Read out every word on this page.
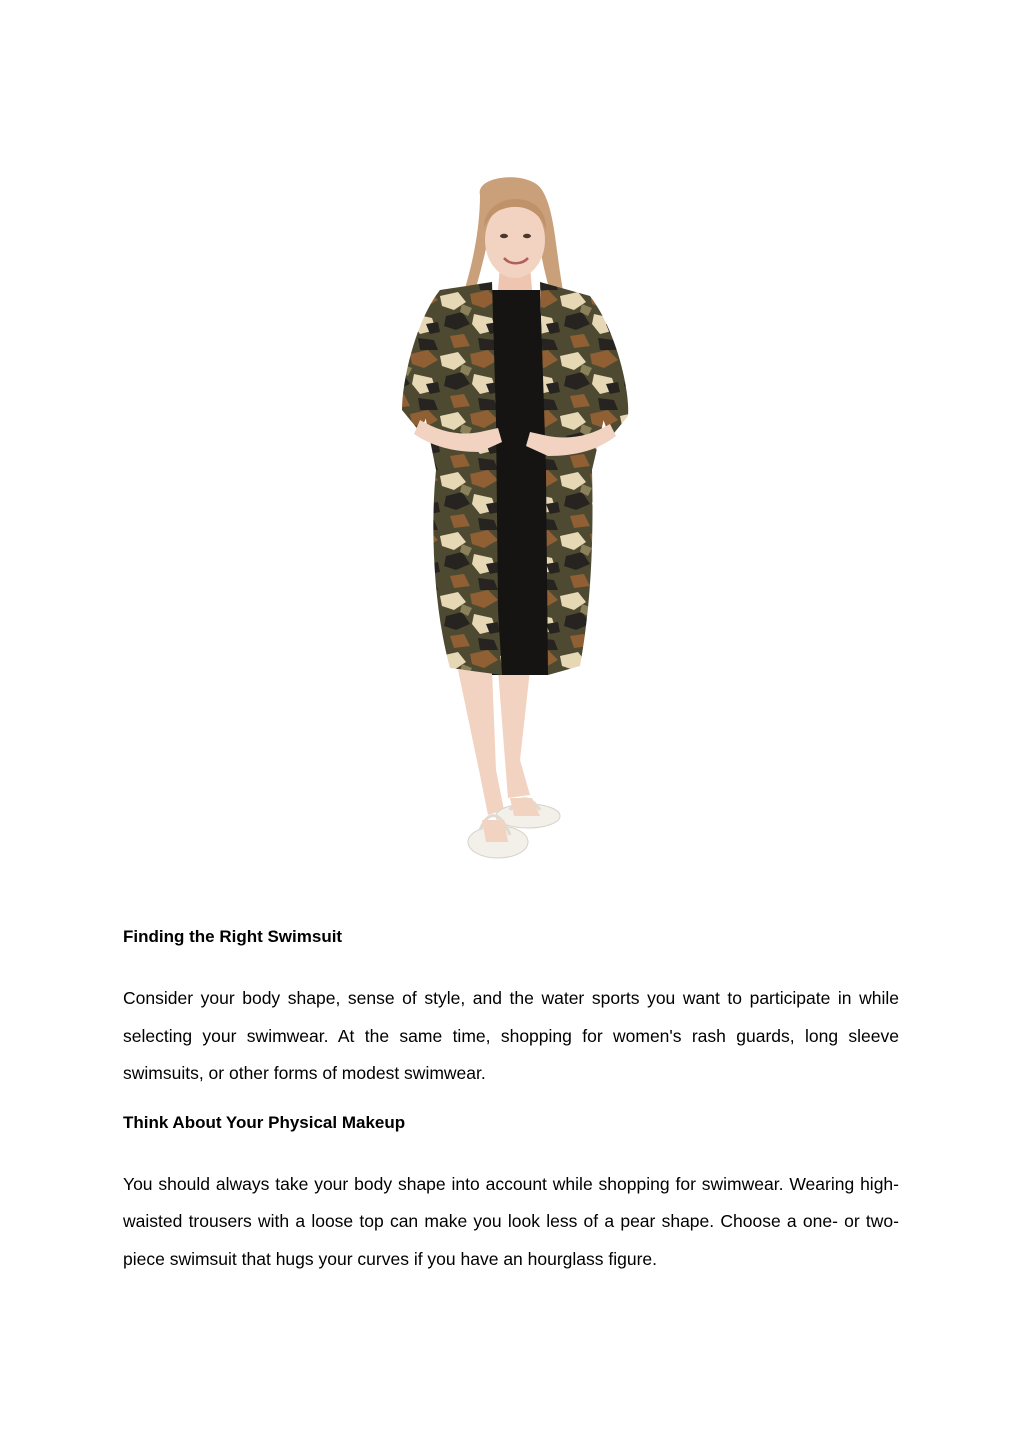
Finding the Right Swimsuit

Consider your body shape, sense of style, and the water sports you want to participate in while selecting your swimwear. At the same time, shopping for women's rash guards, long sleeve swimsuits, or other forms of modest swimwear.

Think About Your Physical Makeup

You should always take your body shape into account while shopping for swimwear. Wearing high-waisted trousers with a loose top can make you look less of a pear shape. Choose a one- or two-piece swimsuit that hugs your curves if you have an hourglass figure.
